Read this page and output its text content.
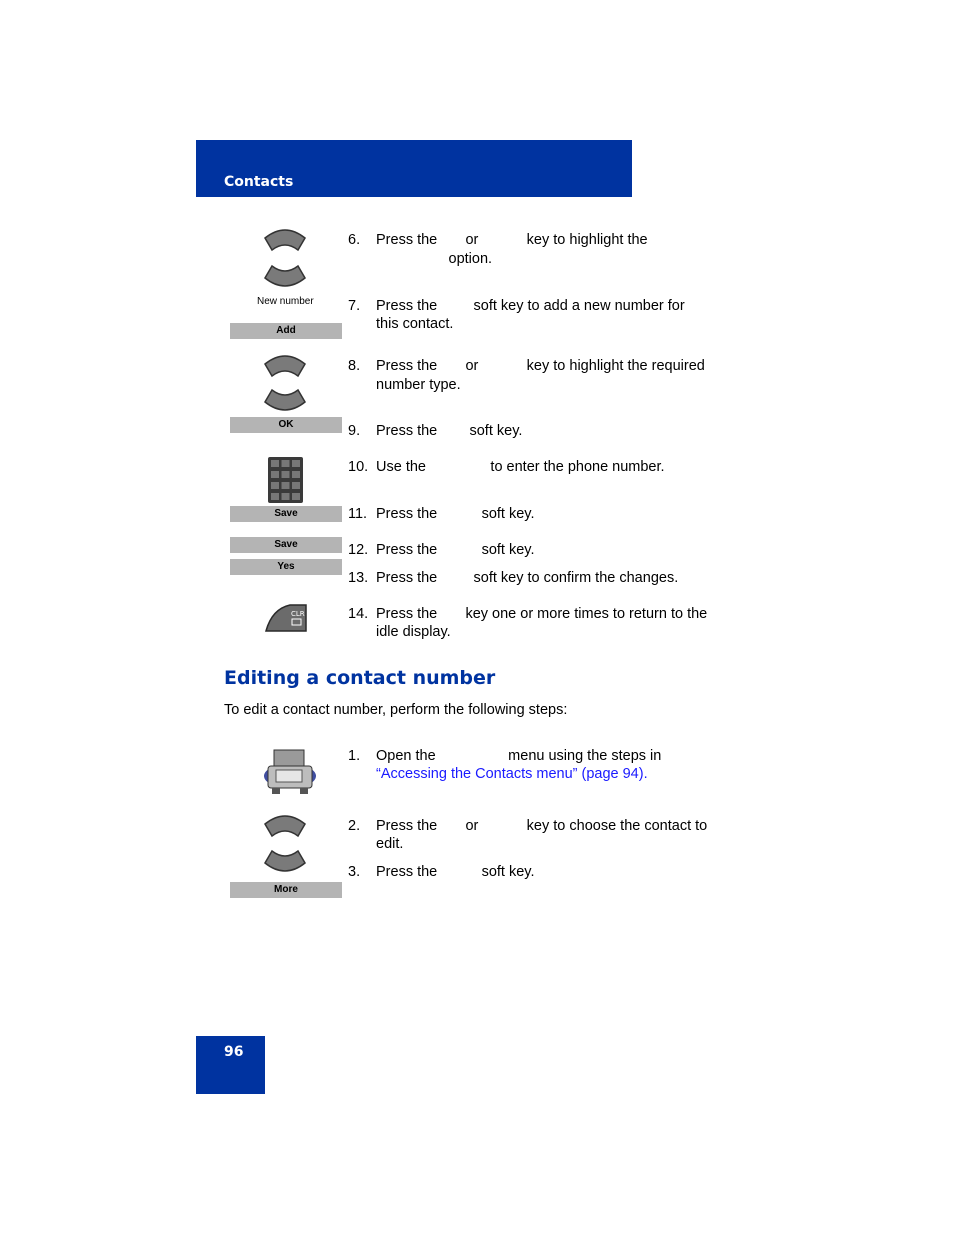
Contacts
New number
Add
OK
Save
Save
Yes
CLR
6. Press the       or            key to highlight the
option.
7. Press the         soft key to add a new number for
this contact.
8. Press the       or            key to highlight the required
number type.
9. Press the        soft key.
10. Use the                to enter the phone number.
11. Press the           soft key.
12. Press the           soft key.
13. Press the         soft key to confirm the changes.
14. Press the       key one or more times to return to the
idle display.
Editing a contact number
To edit a contact number, perform the following steps:
More
1. Open the                  menu using the steps in
“Accessing the Contacts menu” (page 94).
2. Press the       or            key to choose the contact to
edit.
3. Press the           soft key.
96
